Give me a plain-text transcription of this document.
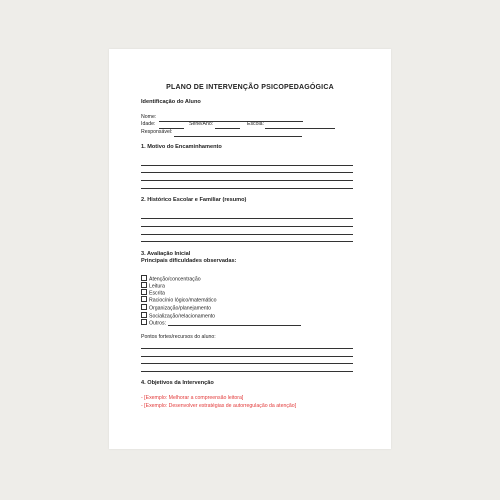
PLANO DE INTERVENÇÃO PSICOPEDAGÓGICA
Identificação do Aluno
Nome:
Idade:	Série/Ano:	Escola:
Responsável:
1. Motivo do Encaminhamento
2. Histórico Escolar e Familiar (resumo)
3. Avaliação Inicial
Principais dificuldades observadas:
Atenção/concentração
Leitura
Escrita
Raciocínio lógico/matemático
Organização/planejamento
Socialização/relacionamento
Outros:
Pontos fortes/recursos do aluno:
4. Objetivos da Intervenção
- [Exemplo: Melhorar a compreensão leitora]
- [Exemplo: Desenvolver estratégias de autorregulação da atenção]
